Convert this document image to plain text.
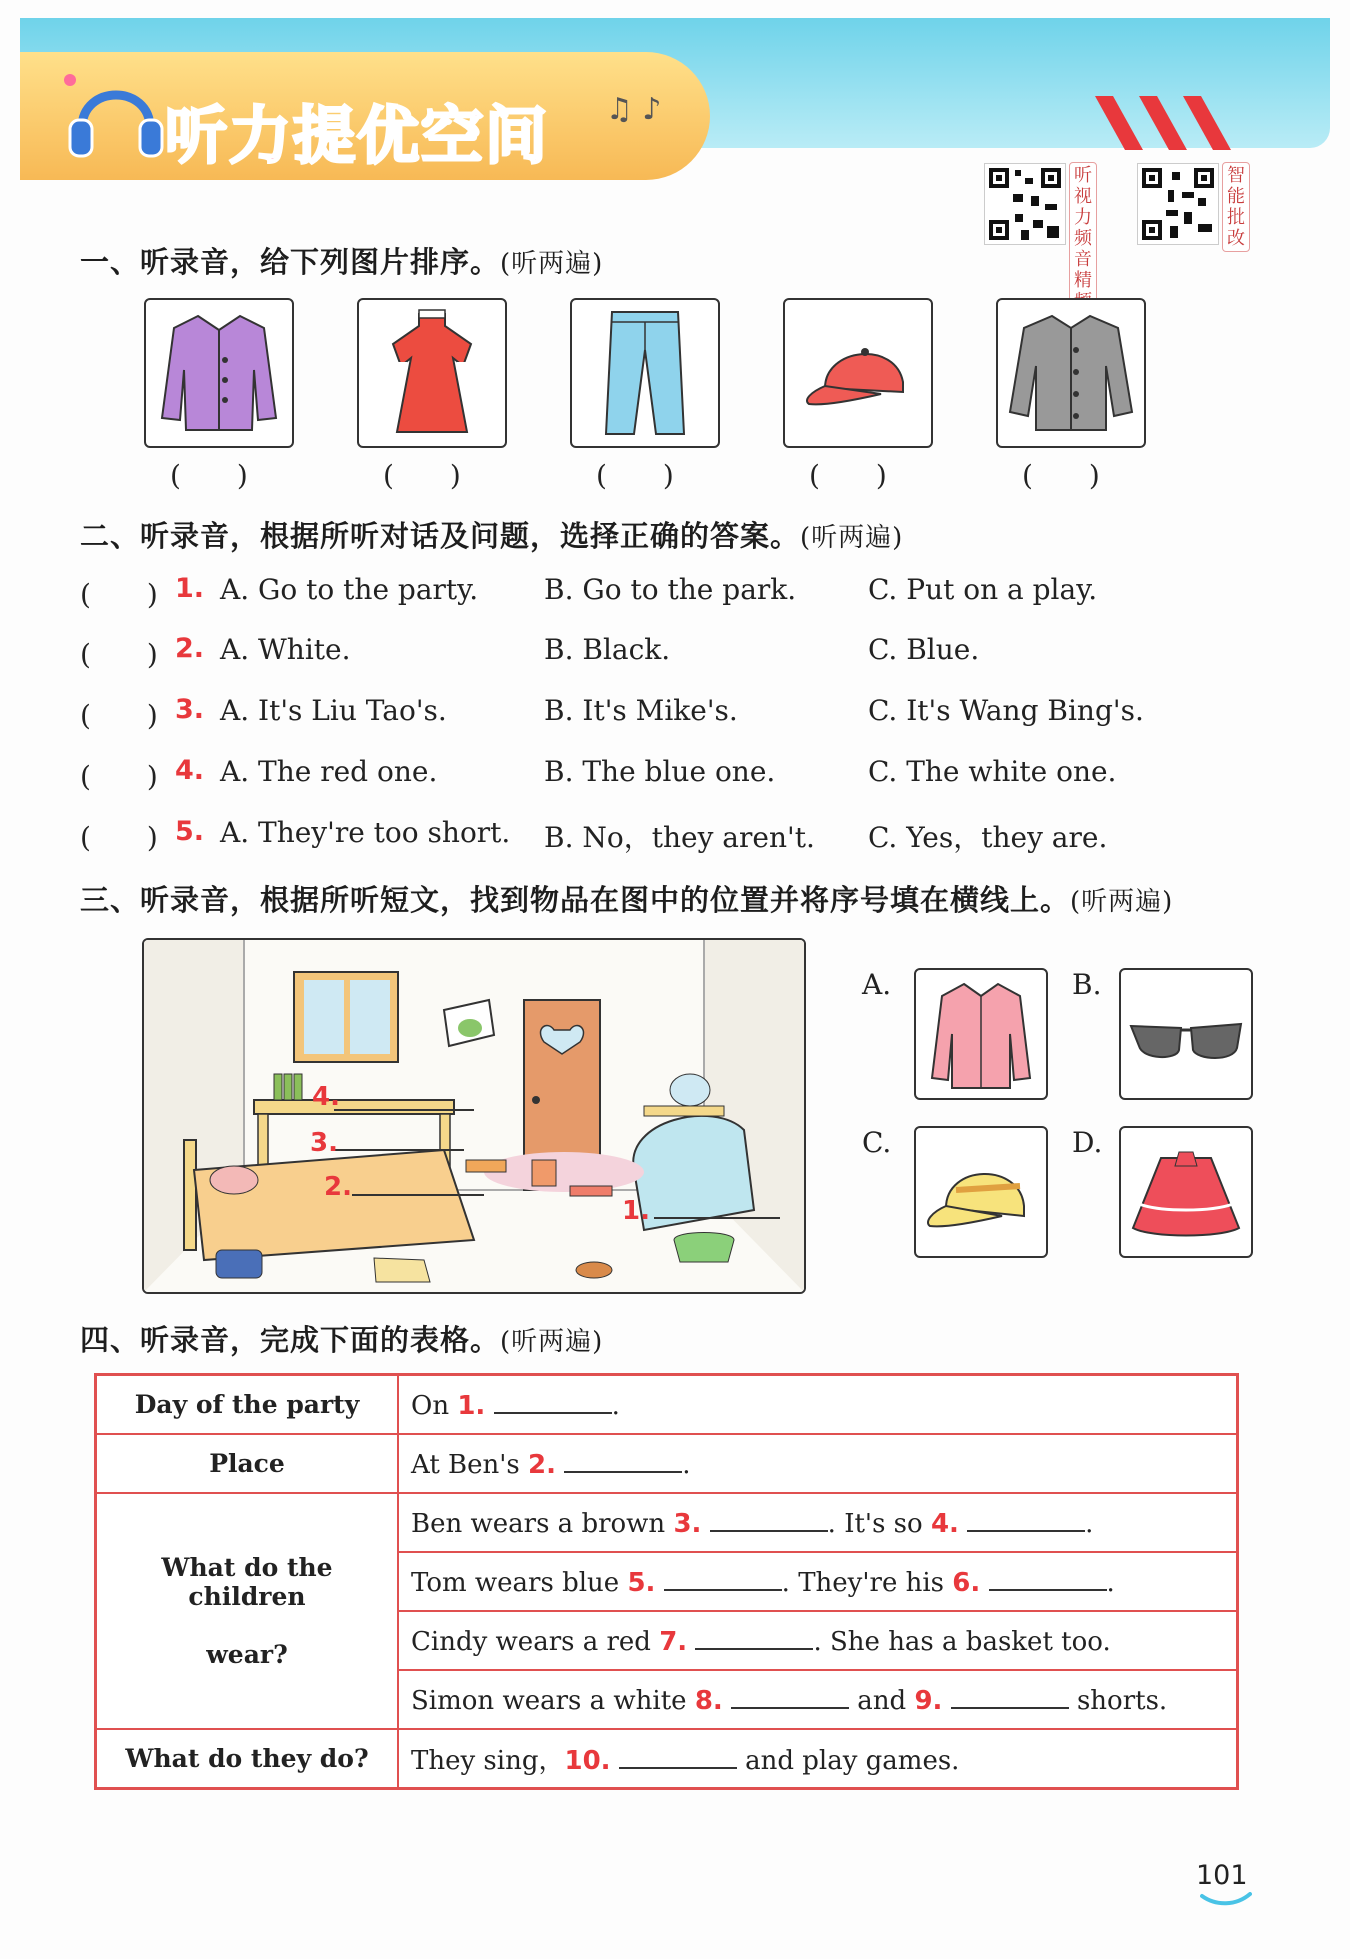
听力提优空间 ♫ ♪
听视力频音精
智能批改
一、听录音，给下列图片排序。(听两遍)
(　　)	(　　)	(　　)	(　　)	(　　)
二、听录音，根据所听对话及问题，选择正确的答案。(听两遍)
(　　) 1. A. Go to the party. B. Go to the park.	C. Put on a play.
(　　) 2. A. White.	B. Black.	C. Blue.
(　　) 3. A. It's Liu Tao's.	B. It's Mike's.	C. It's Wang Bing's.
(　　) 4. A. The red one.	B. The blue one.	C. The white one.
(　　) 5. A. They're too short. B. No，they aren't. C. Yes，they are.
三、听录音，根据所听短文，找到物品在图中的位置并将序号填在横线上。(听两遍)
4.
3.
2.
1.
A.	B.
C.	D.
四、听录音，完成下面的表格。(听两遍)
Day of the party	On 1. .
Place	At Ben's 2. .
What do the children

wear?	Ben wears a brown 3. . It's so 4. .
	Tom wears blue 5. . They're his 6. .
	Cindy wears a red 7. . She has a basket too.
	Simon wears a white 8. and 9. shorts.
What do they do?	They sing，10. and play games.
101
